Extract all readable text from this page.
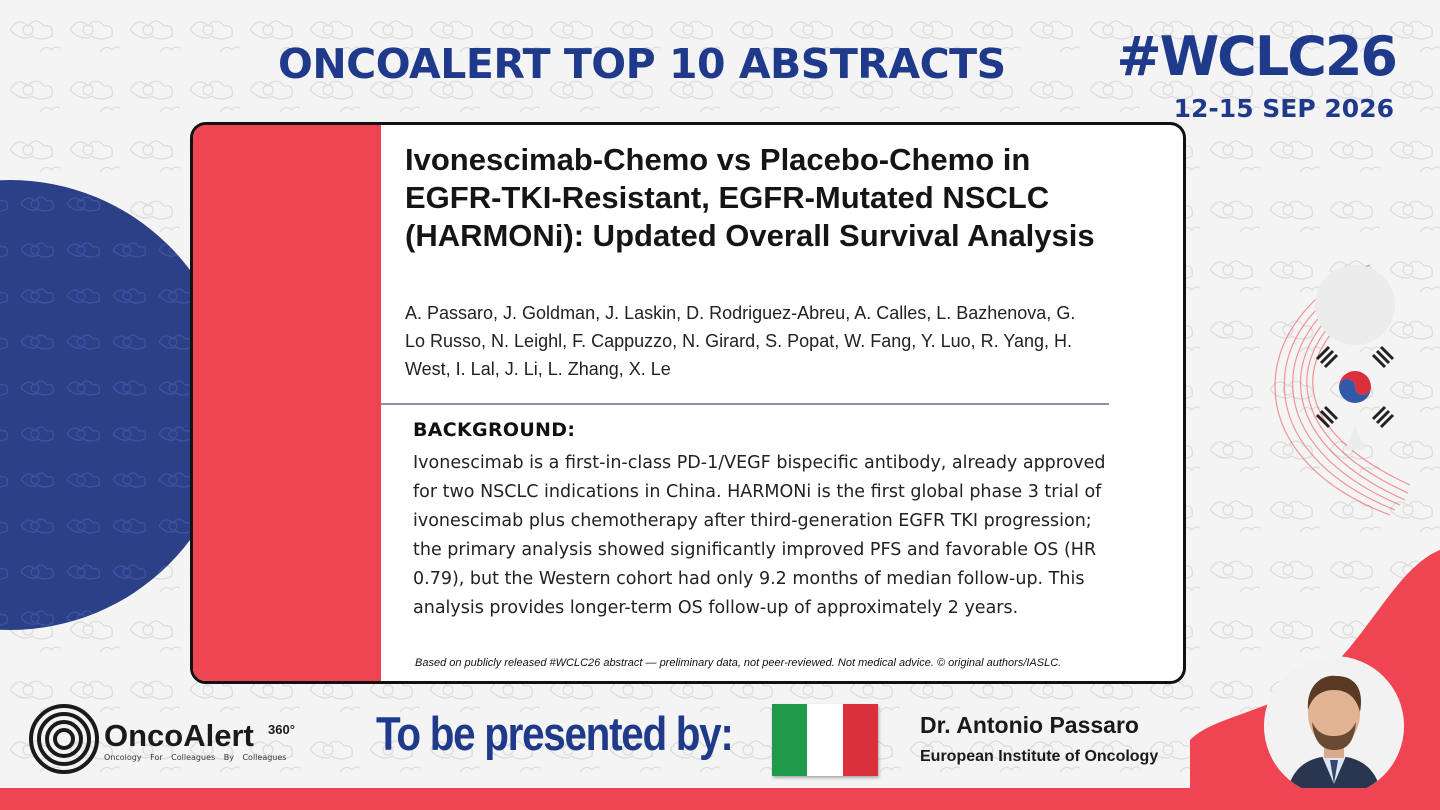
ONCOALERT TOP 10 ABSTRACTS #WCLC26
12-15 SEP 2026
Ivonescimab-Chemo vs Placebo-Chemo in EGFR-TKI-Resistant, EGFR-Mutated NSCLC (HARMONi): Updated Overall Survival Analysis
A. Passaro, J. Goldman, J. Laskin, D. Rodriguez-Abreu, A. Calles, L. Bazhenova, G. Lo Russo, N. Leighl, F. Cappuzzo, N. Girard, S. Popat, W. Fang, Y. Luo, R. Yang, H. West, I. Lal, J. Li, L. Zhang, X. Le
BACKGROUND:
Ivonescimab is a first-in-class PD-1/VEGF bispecific antibody, already approved for two NSCLC indications in China. HARMONi is the first global phase 3 trial of ivonescimab plus chemotherapy after third-generation EGFR TKI progression; the primary analysis showed significantly improved PFS and favorable OS (HR 0.79), but the Western cohort had only 9.2 months of median follow-up. This analysis provides longer-term OS follow-up of approximately 2 years.
Based on publicly released #WCLC26 abstract — preliminary data, not peer-reviewed. Not medical advice. © original authors/IASLC.
OncoAlert 360°
Oncology For Colleagues By Colleagues To be presented by:	Dr. Antonio Passaro
European Institute of Oncology
